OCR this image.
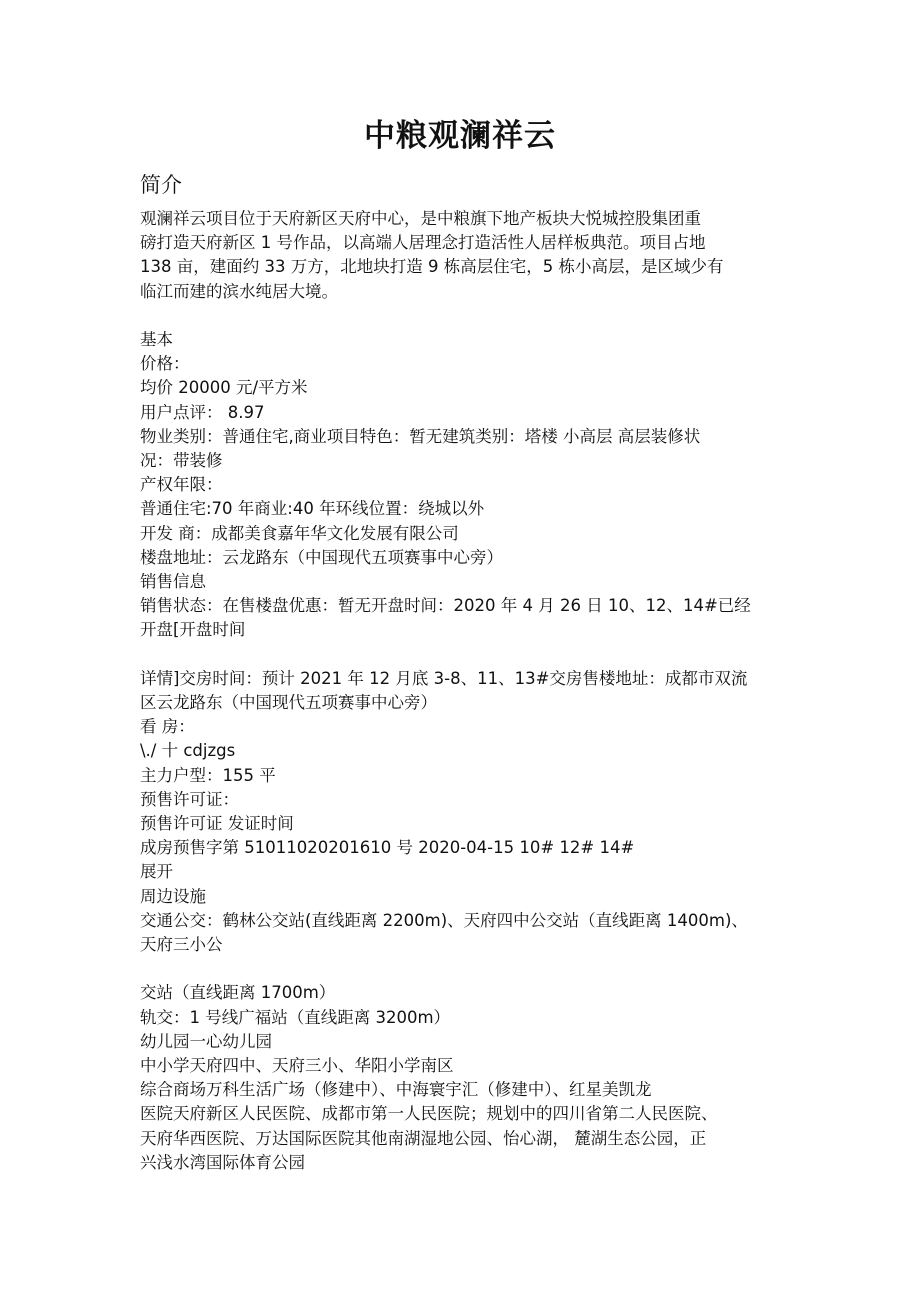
中粮观澜祥云
简介

观澜祥云项目位于天府新区天府中心，是中粮旗下地产板块大悦城控股集团重

磅打造天府新区 1 号作品，以高端人居理念打造活性人居样板典范。项目占地

138 亩，建面约 33 万方，北地块打造 9 栋高层住宅，5 栋小高层，是区域少有

临江而建的滨水纯居大境。

基本

价格：

均价 20000 元/平方米

用户点评： 8.97

物业类别：普通住宅,商业项目特色：暂无建筑类别：塔楼 小高层 高层装修状

况：带装修

产权年限：

普通住宅:70 年商业:40 年环线位置：绕城以外

开发 商：成都美食嘉年华文化发展有限公司

楼盘地址：云龙路东（中国现代五项赛事中心旁）

销售信息

销售状态：在售楼盘优惠：暂无开盘时间：2020 年 4 月 26 日 10、12、14#已经

开盘[开盘时间

详情]交房时间：预计 2021 年 12 月底 3-8、11、13#交房售楼地址：成都市双流

区云龙路东（中国现代五项赛事中心旁）

看 房：

\./ 十 cdjzgs

主力户型：155 平

预售许可证：

预售许可证 发证时间

成房预售字第 51011020201610 号 2020-04-15 10# 12# 14#

展开

周边设施

交通公交：鹤林公交站(直线距离 2200m)、天府四中公交站（直线距离 1400m)、

天府三小公

交站（直线距离 1700m）

轨交：1 号线广福站（直线距离 3200m）

幼儿园一心幼儿园

中小学天府四中、天府三小、华阳小学南区

综合商场万科生活广场（修建中）、中海寰宇汇（修建中）、红星美凯龙

医院天府新区人民医院、成都市第一人民医院；规划中的四川省第二人民医院、

天府华西医院、万达国际医院其他南湖湿地公园、怡心湖， 麓湖生态公园，正

兴浅水湾国际体育公园
